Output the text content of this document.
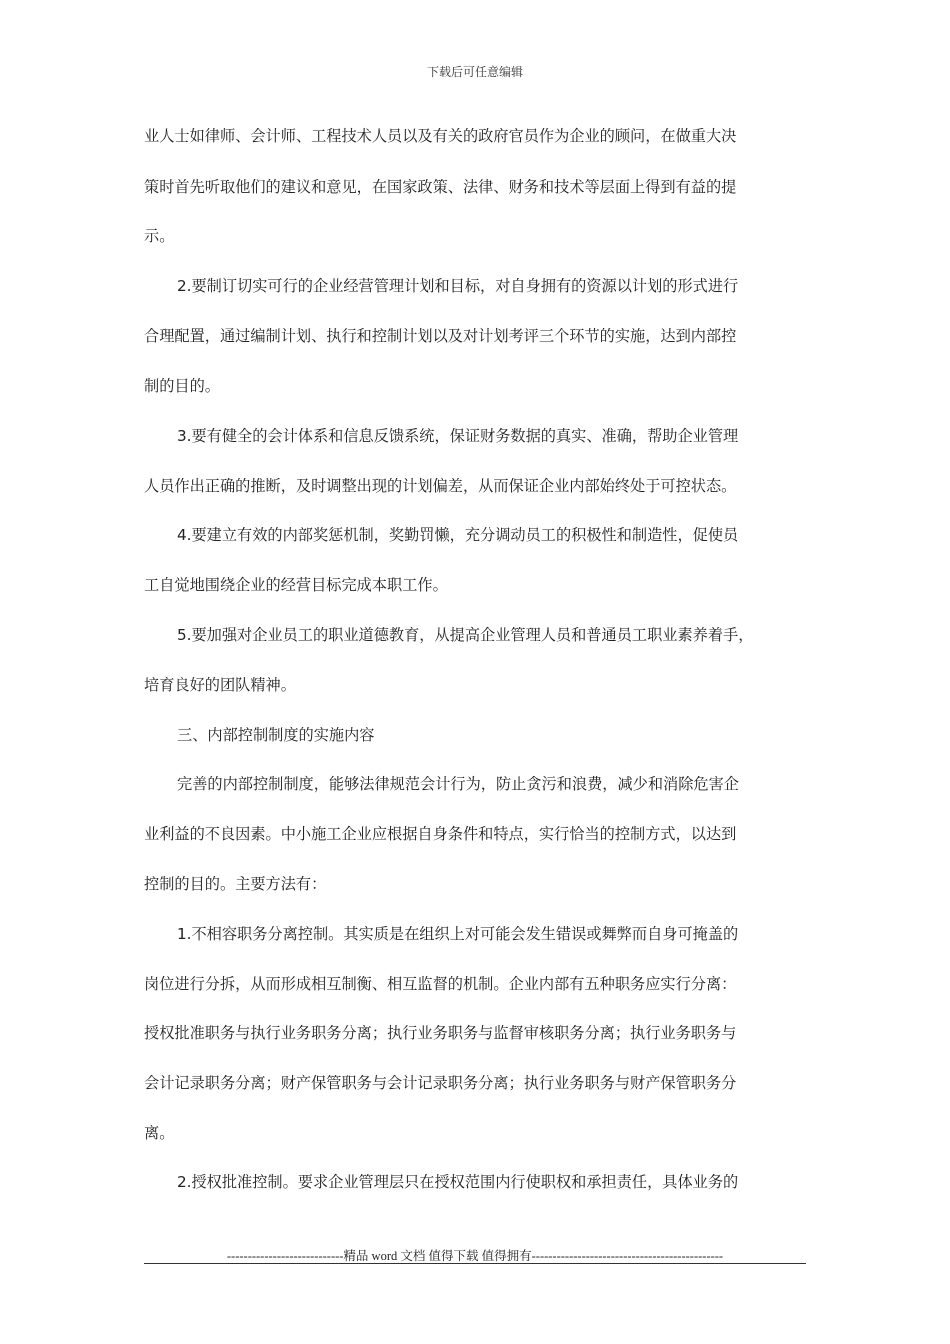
下载后可任意编辑
业人士如律师、会计师、工程技术人员以及有关的政府官员作为企业的顾问，在做重大决
策时首先听取他们的建议和意见，在国家政策、法律、财务和技术等层面上得到有益的提
示。
2.要制订切实可行的企业经营管理计划和目标，对自身拥有的资源以计划的形式进行
合理配置，通过编制计划、执行和控制计划以及对计划考评三个环节的实施，达到内部控
制的目的。
3.要有健全的会计体系和信息反馈系统，保证财务数据的真实、准确，帮助企业管理
人员作出正确的推断，及时调整出现的计划偏差，从而保证企业内部始终处于可控状态。
4.要建立有效的内部奖惩机制，奖勤罚懒，充分调动员工的积极性和制造性，促使员
工自觉地围绕企业的经营目标完成本职工作。
5.要加强对企业员工的职业道德教育，从提高企业管理人员和普通员工职业素养着手，
培育良好的团队精神。
三、内部控制制度的实施内容
完善的内部控制制度，能够法律规范会计行为，防止贪污和浪费，减少和消除危害企
业利益的不良因素。中小施工企业应根据自身条件和特点，实行恰当的控制方式，以达到
控制的目的。主要方法有：
1.不相容职务分离控制。其实质是在组织上对可能会发生错误或舞弊而自身可掩盖的
岗位进行分拆，从而形成相互制衡、相互监督的机制。企业内部有五种职务应实行分离：
授权批准职务与执行业务职务分离；执行业务职务与监督审核职务分离；执行业务职务与
会计记录职务分离；财产保管职务与会计记录职务分离；执行业务职务与财产保管职务分
离。
2.授权批准控制。要求企业管理层只在授权范围内行使职权和承担责任，具体业务的
----------------------------精品 word 文档 值得下载 值得拥有----------------------------------------------
